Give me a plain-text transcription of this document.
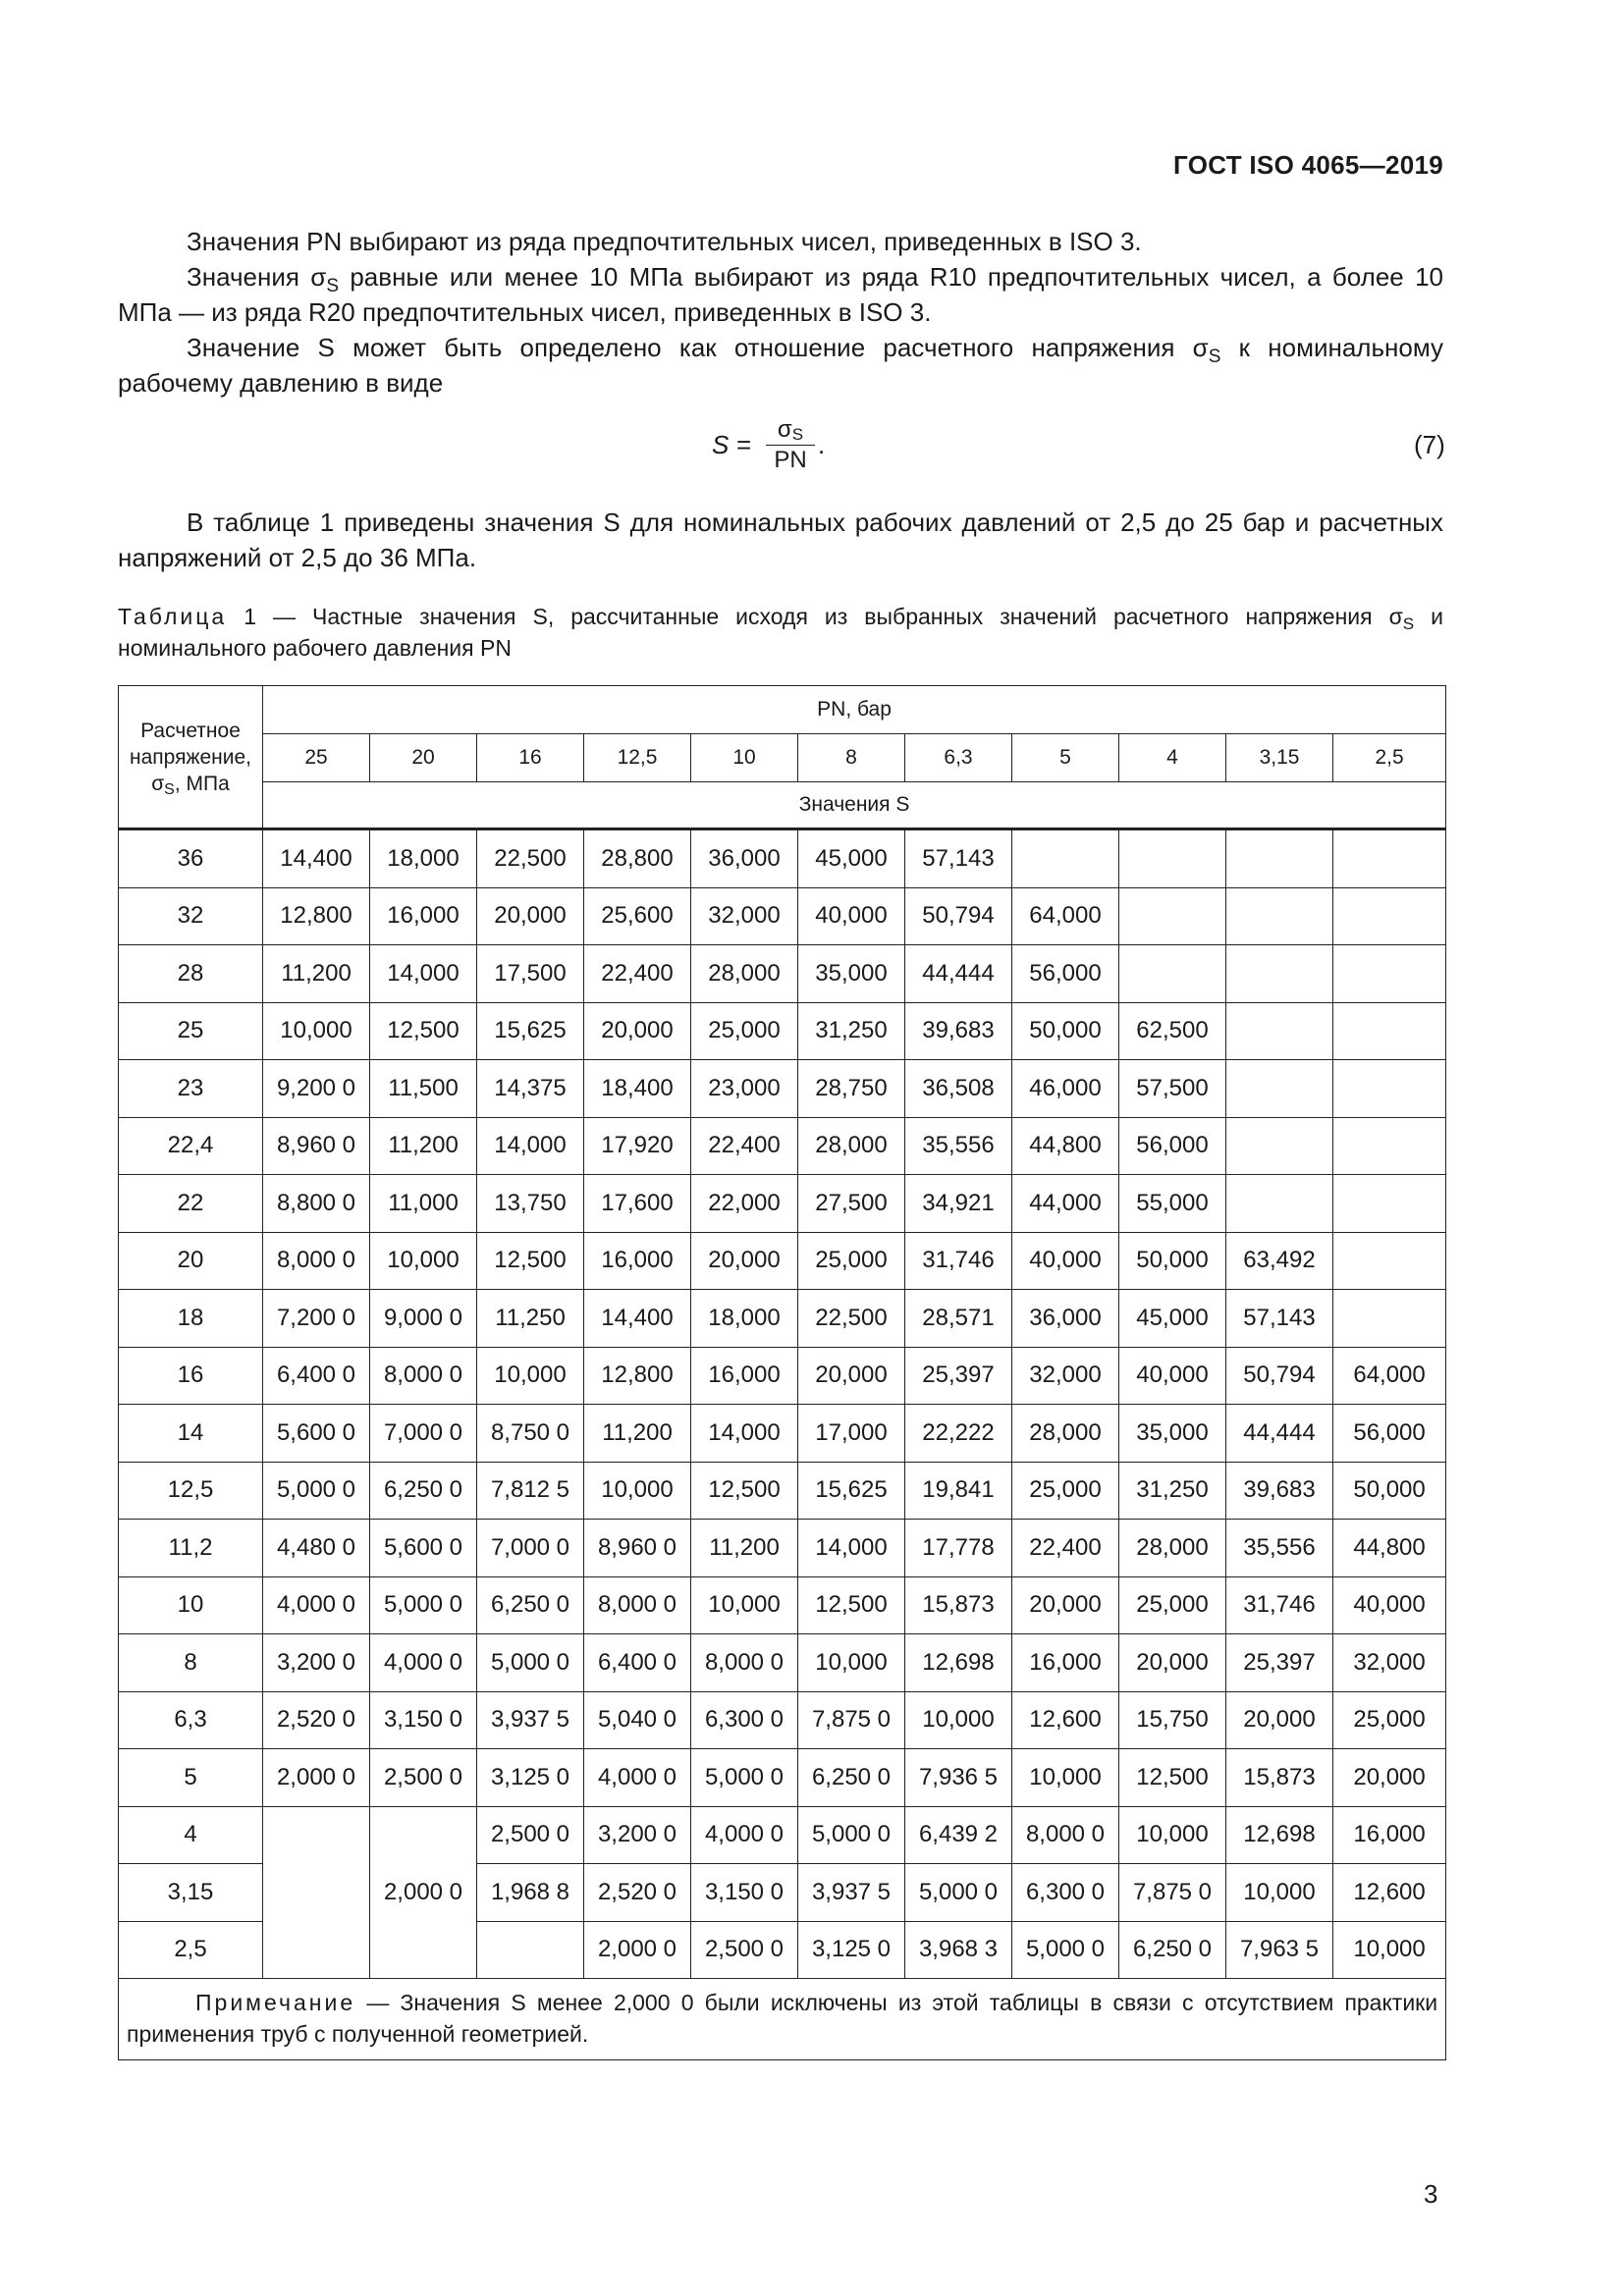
ГОСТ ISO 4065—2019
Значения PN выбирают из ряда предпочтительных чисел, приведенных в ISO 3.
Значения $\sigma_S$ равные или менее 10 МПа выбирают из ряда R10 предпочтительных чисел, а более 10 МПа — из ряда R20 предпочтительных чисел, приведенных в ISO 3.
Значение S может быть определено как отношение расчетного напряжения $\sigma_S$ к номинальному рабочему давлению в виде
$S = \frac{\sigma_S}{PN}$ .	(7)
В таблице 1 приведены значения S для номинальных рабочих давлений от 2,5 до 25 бар и расчетных напряжений от 2,5 до 36 МПа.
Таблица 1 — Частные значения S, рассчитанные исходя из выбранных значений расчетного напряжения $\sigma_S$ и номинального рабочего давления PN
Расчетное напряжение, $\sigma_S$, МПа	PN, бар										
	25	20	16	12,5	10	8	6,3	5	4	3,15	2,5
	Значения S										
36	14,400	18,000	22,500	28,800	36,000	45,000	57,143				
32	12,800	16,000	20,000	25,600	32,000	40,000	50,794	64,000			
28	11,200	14,000	17,500	22,400	28,000	35,000	44,444	56,000			
25	10,000	12,500	15,625	20,000	25,000	31,250	39,683	50,000	62,500		
23	9,200 0	11,500	14,375	18,400	23,000	28,750	36,508	46,000	57,500		
22,4	8,960 0	11,200	14,000	17,920	22,400	28,000	35,556	44,800	56,000		
22	8,800 0	11,000	13,750	17,600	22,000	27,500	34,921	44,000	55,000		
20	8,000 0	10,000	12,500	16,000	20,000	25,000	31,746	40,000	50,000	63,492	
18	7,200 0	9,000 0	11,250	14,400	18,000	22,500	28,571	36,000	45,000	57,143	
16	6,400 0	8,000 0	10,000	12,800	16,000	20,000	25,397	32,000	40,000	50,794	64,000
14	5,600 0	7,000 0	8,750 0	11,200	14,000	17,000	22,222	28,000	35,000	44,444	56,000
12,5	5,000 0	6,250 0	7,812 5	10,000	12,500	15,625	19,841	25,000	31,250	39,683	50,000
11,2	4,480 0	5,600 0	7,000 0	8,960 0	11,200	14,000	17,778	22,400	28,000	35,556	44,800
10	4,000 0	5,000 0	6,250 0	8,000 0	10,000	12,500	15,873	20,000	25,000	31,746	40,000
8	3,200 0	4,000 0	5,000 0	6,400 0	8,000 0	10,000	12,698	16,000	20,000	25,397	32,000
6,3	2,520 0	3,150 0	3,937 5	5,040 0	6,300 0	7,875 0	10,000	12,600	15,750	20,000	25,000
5	2,000 0	2,500 0	3,125 0	4,000 0	5,000 0	6,250 0	7,936 5	10,000	12,500	15,873	20,000
4		2,000 0	2,500 0	3,200 0	4,000 0	5,000 0	6,439 2	8,000 0	10,000	12,698	16,000
3,15			1,968 8	2,520 0	3,150 0	3,937 5	5,000 0	6,300 0	7,875 0	10,000	12,600
2,5				2,000 0	2,500 0	3,125 0	3,968 3	5,000 0	6,250 0	7,963 5	10,000
Примечание — Значения S менее 2,000 0 были исключены из этой таблицы в связи с отсутствием практики применения труб с полученной геометрией.											
3
